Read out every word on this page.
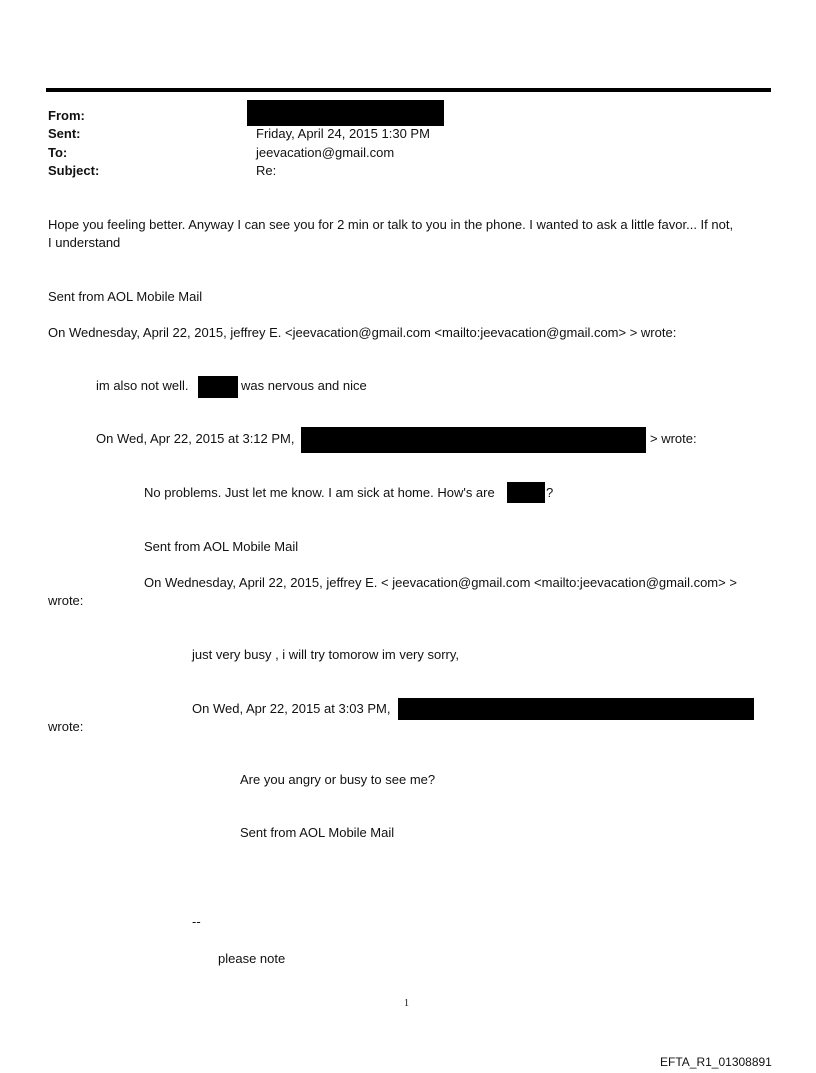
From:
Sent:	Friday, April 24, 2015 1:30 PM
To:	jeevacation@gmail.com
Subject:	Re:
Hope you feeling better. Anyway I can see you for 2 min or talk to you in the phone. I wanted to ask a little favor... If not,
I understand
Sent from AOL Mobile Mail
On Wednesday, April 22, 2015, jeffrey E. <jeevacation@gmail.com <mailto:jeevacation@gmail.com> > wrote:
im also not well.	was nervous and nice
On Wed, Apr 22, 2015 at 3:12 PM,	> wrote:
No problems. Just let me know. I am sick at home. How's are	?
Sent from AOL Mobile Mail
On Wednesday, April 22, 2015, jeffrey E. < jeevacation@gmail.com <mailto:jeevacation@gmail.com> >
wrote:
just very busy , i will try tomorow im very sorry,
On Wed, Apr 22, 2015 at 3:03 PM,
wrote:
Are you angry or busy to see me?
Sent from AOL Mobile Mail
--
please note
1
EFTA_R1_01308891
